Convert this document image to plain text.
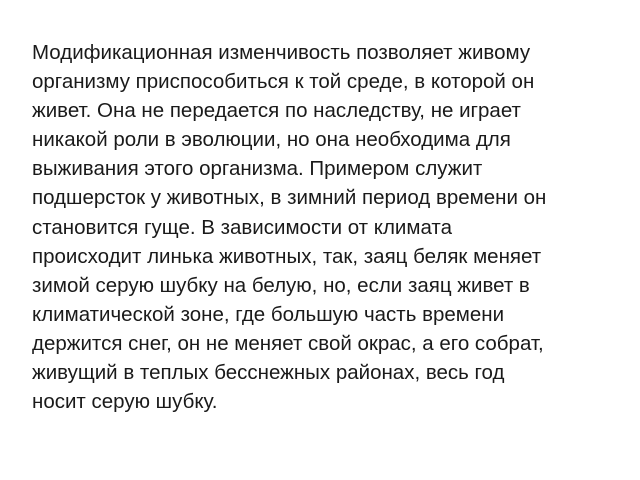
Модификационная изменчивость позволяет живому
организму приспособиться к той среде, в которой он
живет. Она не передается по наследству, не играет
никакой роли в эволюции, но она необходима для
выживания этого организма. Примером служит
подшерсток у животных, в зимний период времени он
становится гуще. В зависимости от климата
происходит линька животных, так, заяц беляк меняет
зимой серую шубку на белую, но, если заяц живет в
климатической зоне, где большую часть времени
держится снег, он не меняет свой окрас, а его собрат,
живущий в теплых бесснежных районах, весь год
носит серую шубку.
